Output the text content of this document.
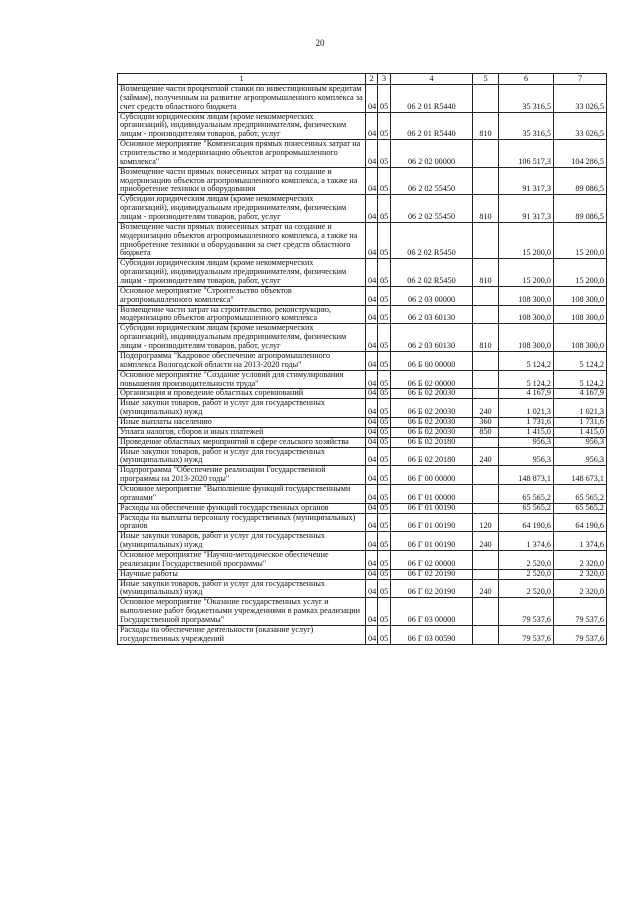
20
1	2	3	4	5	6	7
Возмещение части процентной ставки по инвестиционным кредитам (займам), полученным на развитие агропромышленного комплекса за счет средств областного бюджета	04	05	06 2 01 R5440		35 316,5	33 026,5
Субсидии юридическим лицам (кроме некоммерческих организаций), индивидуальным предпринимателям, физическим лицам - производителям товаров, работ, услуг	04	05	06 2 01 R5440	810	35 316,5	33 026,5
Основное мероприятие "Компенсация прямых понесенных затрат на строительство и модернизацию объектов агропромышленного комплекса"	04	05	06 2 02 00000		106 517,3	104 286,5
Возмещение части прямых понесенных затрат на создание и модернизацию объектов агропромышленного комплекса, а также на приобретение техники и оборудования	04	05	06 2 02 55450		91 317,3	89 086,5
Субсидии юридическим лицам (кроме некоммерческих организаций), индивидуальным предпринимателям, физическим лицам - производителям товаров, работ, услуг	04	05	06 2 02 55450	810	91 317,3	89 086,5
Возмещение части прямых понесенных затрат на создание и модернизацию объектов агропромышленного комплекса, а также на приобретение техники и оборудования за счет средств областного бюджета	04	05	06 2 02 R5450		15 200,0	15 200,0
Субсидии юридическим лицам (кроме некоммерческих организаций), индивидуальным предпринимателям, физическим лицам - производителям товаров, работ, услуг	04	05	06 2 02 R5450	810	15 200,0	15 200,0
Основное мероприятие "Строительство объектов агропромышленного комплекса"	04	05	06 2 03 00000		108 300,0	108 300,0
Возмещение части затрат на строительство, реконструкцию, модернизацию объектов агропромышленного комплекса	04	05	06 2 03 60130		108 300,0	108 300,0
Субсидии юридическим лицам (кроме некоммерческих организаций), индивидуальным предпринимателям, физическим лицам - производителям товаров, работ, услуг	04	05	06 2 03 60130	810	108 300,0	108 300,0
Подпрограмма "Кадровое обеспечение агропромышленного комплекса Вологодской области на 2013-2020 годы"	04	05	06 Б 00 00000		5 124,2	5 124,2
Основное мероприятие "Создание условий для стимулирования повышения производительности труда"	04	05	06 Б 02 00000		5 124,2	5 124,2
Организация и проведение областных соревнований	04	05	06 Б 02 20030		4 167,9	4 167,9
Иные закупки товаров, работ и услуг для государственных (муниципальных) нужд	04	05	06 Б 02 20030	240	1 021,3	1 021,3
Иные выплаты населению	04	05	06 Б 02 20030	360	1 731,6	1 731,6
Уплата налогов, сборов и иных платежей	04	05	06 Б 02 20030	850	1 415,0	1 415,0
Проведение областных мероприятий в сфере сельского хозяйства	04	05	06 Б 02 20180		956,3	956,3
Иные закупки товаров, работ и услуг для государственных (муниципальных) нужд	04	05	06 Б 02 20180	240	956,3	956,3
Подпрограмма "Обеспечение реализации Государственной программы на 2013-2020 годы"	04	05	06 Г 00 00000		148 873,1	148 673,1
Основное мероприятие "Выполнение функций государственными органами"	04	05	06 Г 01 00000		65 565,2	65 565,2
Расходы на обеспечение функций государственных органов	04	05	06 Г 01 00190		65 565,2	65 565,2
Расходы на выплаты персоналу государственных (муниципальных) органов	04	05	06 Г 01 00190	120	64 190,6	64 190,6
Иные закупки товаров, работ и услуг для государственных (муниципальных) нужд	04	05	06 Г 01 00190	240	1 374,6	1 374,6
Основное мероприятие "Научно-методическое обеспечение реализации Государственной программы"	04	05	06 Г 02 00000		2 520,0	2 320,0
Научные работы	04	05	06 Г 02 20190		2 520,0	2 320,0
Иные закупки товаров, работ и услуг для государственных (муниципальных) нужд	04	05	06 Г 02 20190	240	2 520,0	2 320,0
Основное мероприятие "Оказание государственных услуг и выполнение работ бюджетными учреждениями в рамках реализации Государственной программы"	04	05	06 Г 03 00000		79 537,6	79 537,6
Расходы на обеспечение деятельности (оказание услуг) государственных учреждений	04	05	06 Г 03 00590		79 537,6	79 537,6
